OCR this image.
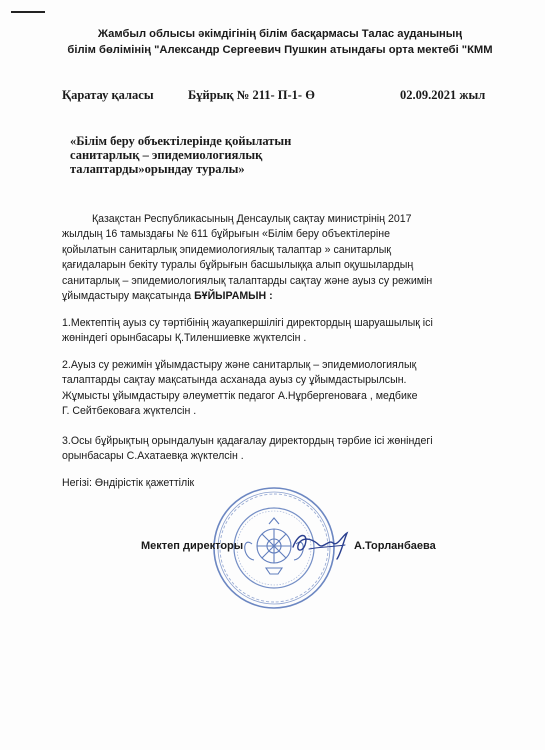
Жамбыл облысы әкімдігінің білім басқармасы Талас ауданының
білім бөлімінің "Александр Сергеевич Пушкин атындағы орта мектебі "КММ
Қаратау қаласы	Бұйрық № 211- П-1- Ө	02.09.2021 жыл
«Білім беру объектілерінде қойылатын
санитарлық – эпидемиологиялық
талаптарды»орындау туралы»
Қазақстан Республикасының Денсаулық сақтау министрінің 2017
жылдың 16 тамыздағы № 611 бұйрығын «Білім беру объектілеріне
қойылатын санитарлық эпидемиологиялық талаптар » санитарлық
қағидаларын бекіту туралы бұйрығын басшылыққа алып оқушылардың
санитарлық – эпидемиологиялық талаптарды сақтау және ауыз су режимін
ұйымдастыру мақсатында БҰЙЫРАМЫН :
1.Мектептің ауыз су тәртібінің жауапкершілігі директордың шаруашылық ісі
жөніндегі орынбасары Қ.Тиленшиевке жүктелсін .
2.Ауыз су режимін ұйымдастыру және санитарлық – эпидемиологиялық
талаптарды сақтау мақсатында асханада ауыз су ұйымдастырылсын.
Жұмысты ұйымдастыру әлеуметтік педагог А.Нұрбергеноваға , медбике
Г. Сейтбековаға жүктелсін .
3.Осы бұйрықтың орындалуын қадағалау директордың тәрбие ісі жөніндегі
орынбасары С.Ахатаевқа жүктелсін .
Негізі: Өндірістік қажеттілік
Мектеп директоры	А.Торланбаева
